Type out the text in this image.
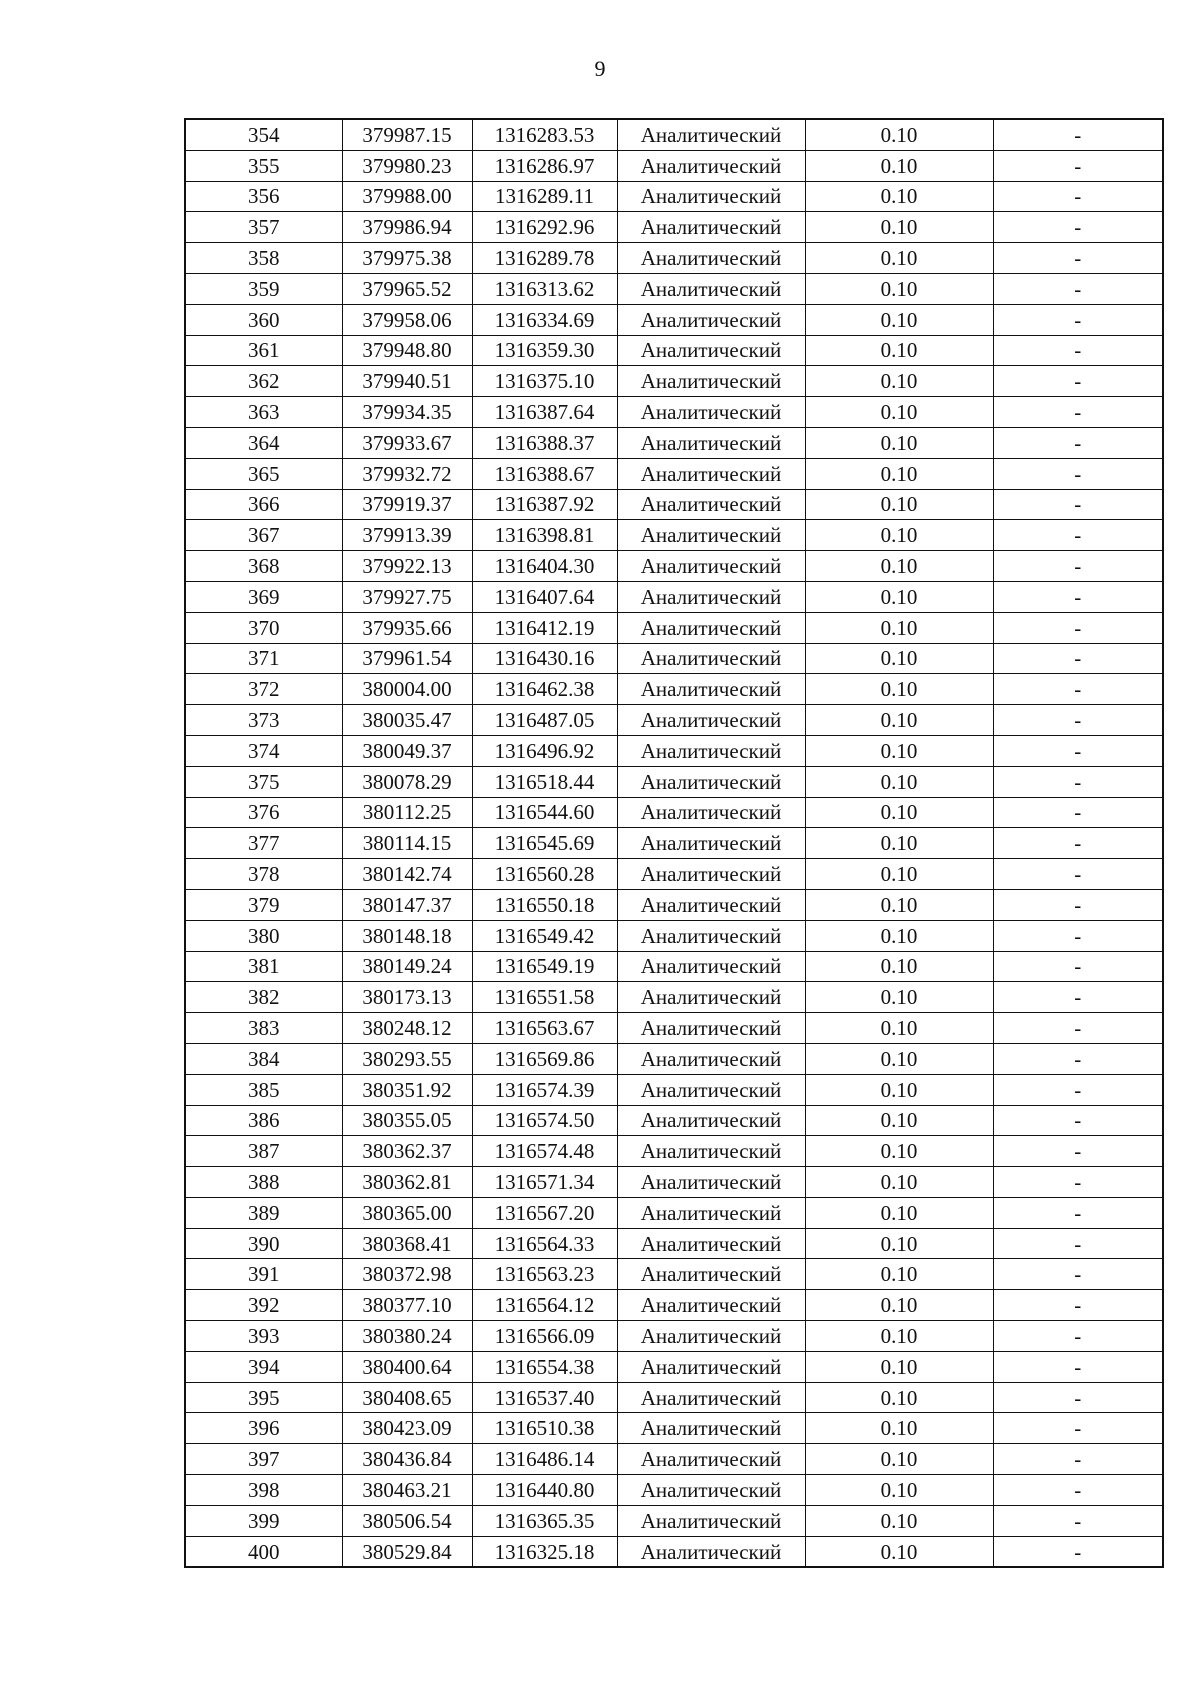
9
354	379987.15	1316283.53	Аналитический	0.10	-
355	379980.23	1316286.97	Аналитический	0.10	-
356	379988.00	1316289.11	Аналитический	0.10	-
357	379986.94	1316292.96	Аналитический	0.10	-
358	379975.38	1316289.78	Аналитический	0.10	-
359	379965.52	1316313.62	Аналитический	0.10	-
360	379958.06	1316334.69	Аналитический	0.10	-
361	379948.80	1316359.30	Аналитический	0.10	-
362	379940.51	1316375.10	Аналитический	0.10	-
363	379934.35	1316387.64	Аналитический	0.10	-
364	379933.67	1316388.37	Аналитический	0.10	-
365	379932.72	1316388.67	Аналитический	0.10	-
366	379919.37	1316387.92	Аналитический	0.10	-
367	379913.39	1316398.81	Аналитический	0.10	-
368	379922.13	1316404.30	Аналитический	0.10	-
369	379927.75	1316407.64	Аналитический	0.10	-
370	379935.66	1316412.19	Аналитический	0.10	-
371	379961.54	1316430.16	Аналитический	0.10	-
372	380004.00	1316462.38	Аналитический	0.10	-
373	380035.47	1316487.05	Аналитический	0.10	-
374	380049.37	1316496.92	Аналитический	0.10	-
375	380078.29	1316518.44	Аналитический	0.10	-
376	380112.25	1316544.60	Аналитический	0.10	-
377	380114.15	1316545.69	Аналитический	0.10	-
378	380142.74	1316560.28	Аналитический	0.10	-
379	380147.37	1316550.18	Аналитический	0.10	-
380	380148.18	1316549.42	Аналитический	0.10	-
381	380149.24	1316549.19	Аналитический	0.10	-
382	380173.13	1316551.58	Аналитический	0.10	-
383	380248.12	1316563.67	Аналитический	0.10	-
384	380293.55	1316569.86	Аналитический	0.10	-
385	380351.92	1316574.39	Аналитический	0.10	-
386	380355.05	1316574.50	Аналитический	0.10	-
387	380362.37	1316574.48	Аналитический	0.10	-
388	380362.81	1316571.34	Аналитический	0.10	-
389	380365.00	1316567.20	Аналитический	0.10	-
390	380368.41	1316564.33	Аналитический	0.10	-
391	380372.98	1316563.23	Аналитический	0.10	-
392	380377.10	1316564.12	Аналитический	0.10	-
393	380380.24	1316566.09	Аналитический	0.10	-
394	380400.64	1316554.38	Аналитический	0.10	-
395	380408.65	1316537.40	Аналитический	0.10	-
396	380423.09	1316510.38	Аналитический	0.10	-
397	380436.84	1316486.14	Аналитический	0.10	-
398	380463.21	1316440.80	Аналитический	0.10	-
399	380506.54	1316365.35	Аналитический	0.10	-
400	380529.84	1316325.18	Аналитический	0.10	-
